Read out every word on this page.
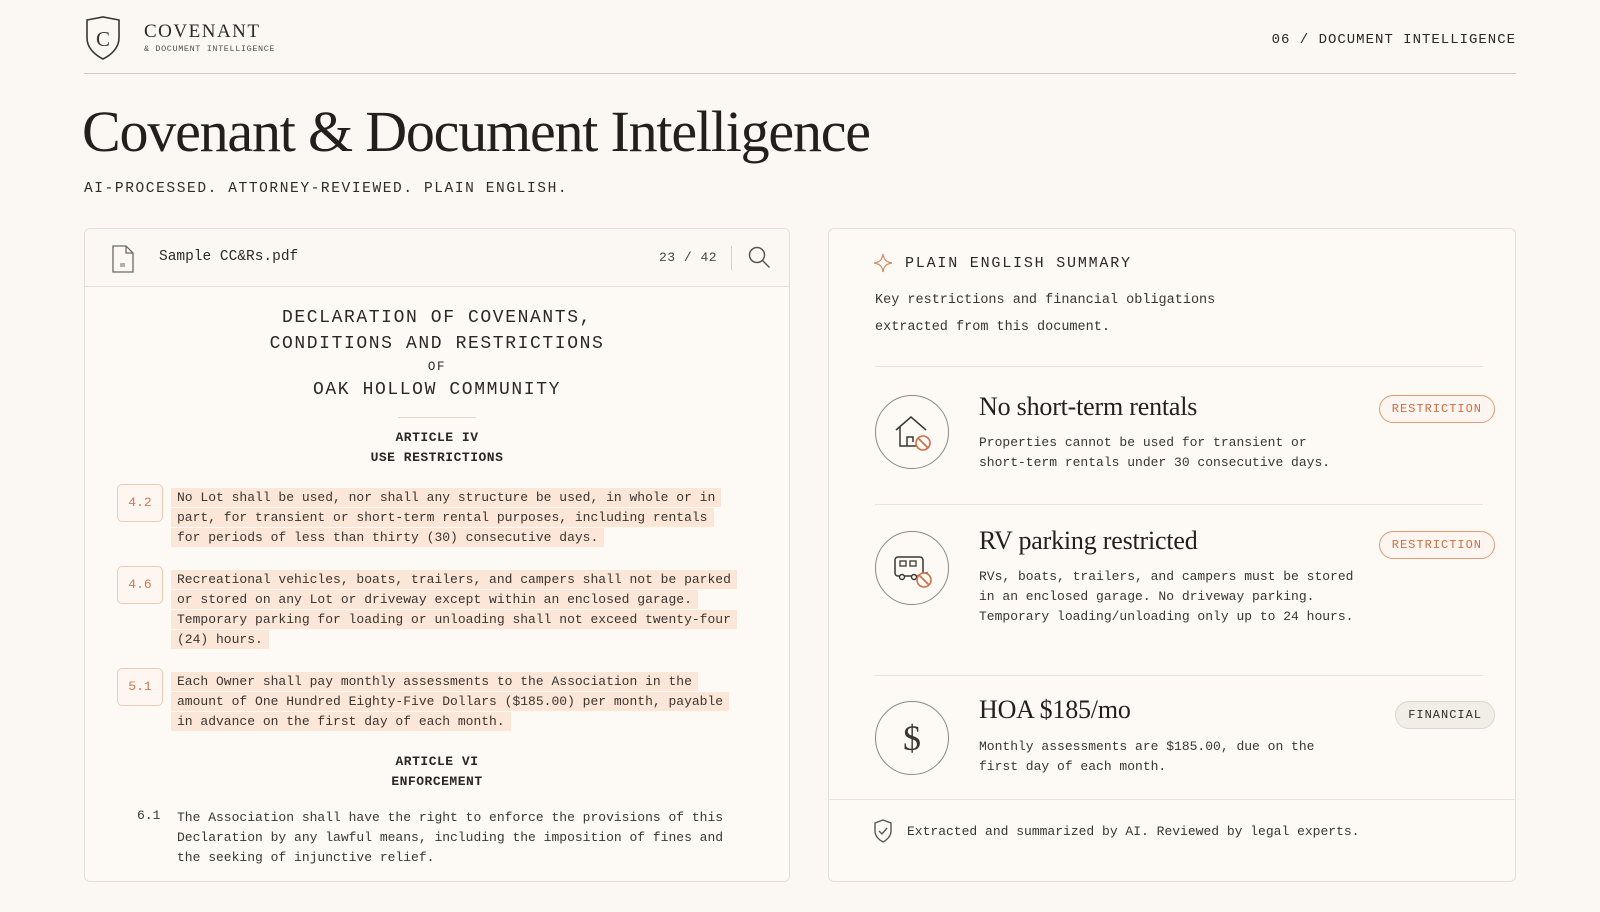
C COVENANT
& DOCUMENT INTELLIGENCE
06 / DOCUMENT INTELLIGENCE
Covenant & Document Intelligence
AI-PROCESSED. ATTORNEY-REVIEWED. PLAIN ENGLISH.
Sample CC&Rs.pdf	23 / 42
DECLARATION OF COVENANTS,
CONDITIONS AND RESTRICTIONS
OF
OAK HOLLOW COMMUNITY
ARTICLE IV
USE RESTRICTIONS
4.2	No Lot shall be used, nor shall any structure be used, in whole or in part, for transient or short-term rental purposes, including rentals for periods of less than thirty (30) consecutive days.
4.6	Recreational vehicles, boats, trailers, and campers shall not be parked or stored on any Lot or driveway except within an enclosed garage. Temporary parking for loading or unloading shall not exceed twenty-four (24) hours.
5.1	Each Owner shall pay monthly assessments to the Association in the amount of One Hundred Eighty-Five Dollars ($185.00) per month, payable in advance on the first day of each month.
ARTICLE VI
ENFORCEMENT
6.1 The Association shall have the right to enforce the provisions of this Declaration by any lawful means, including the imposition of fines and the seeking of injunctive relief.
PLAIN ENGLISH SUMMARY
Key restrictions and financial obligations extracted from this document.
No short-term rentals
Properties cannot be used for transient or short-term rentals under 30 consecutive days.
RESTRICTION
RV parking restricted
RVs, boats, trailers, and campers must be stored in an enclosed garage. No driveway parking. Temporary loading/unloading only up to 24 hours.
RESTRICTION
$
HOA $185/mo
Monthly assessments are $185.00, due on the first day of each month.
FINANCIAL
Extracted and summarized by AI. Reviewed by legal experts.
